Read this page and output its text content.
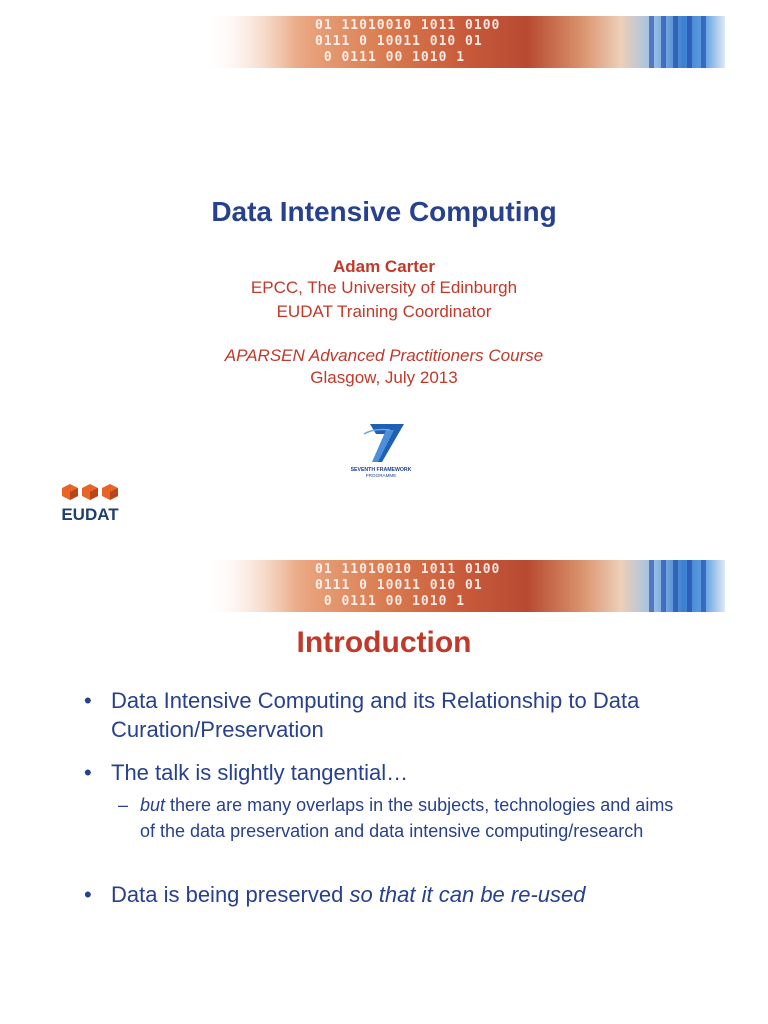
01 11010010 1011 0100
0111 0 10011 010 01
0 0111 00 1010 1
Data Intensive Computing
Adam Carter
EPCC, The University of Edinburgh
EUDAT Training Coordinator
APARSEN Advanced Practitioners Course
Glasgow, July 2013
SEVENTH FRAMEWORK
PROGRAMME
EUDAT
01 11010010 1011 0100
0111 0 10011 010 01
0 0111 00 1010 1
Introduction
• Data Intensive Computing and its Relationship to Data Curation/Preservation
• The talk is slightly tangential…
– but there are many overlaps in the subjects, technologies and aims of the data preservation and data intensive computing/research
• Data is being preserved so that it can be re-used
